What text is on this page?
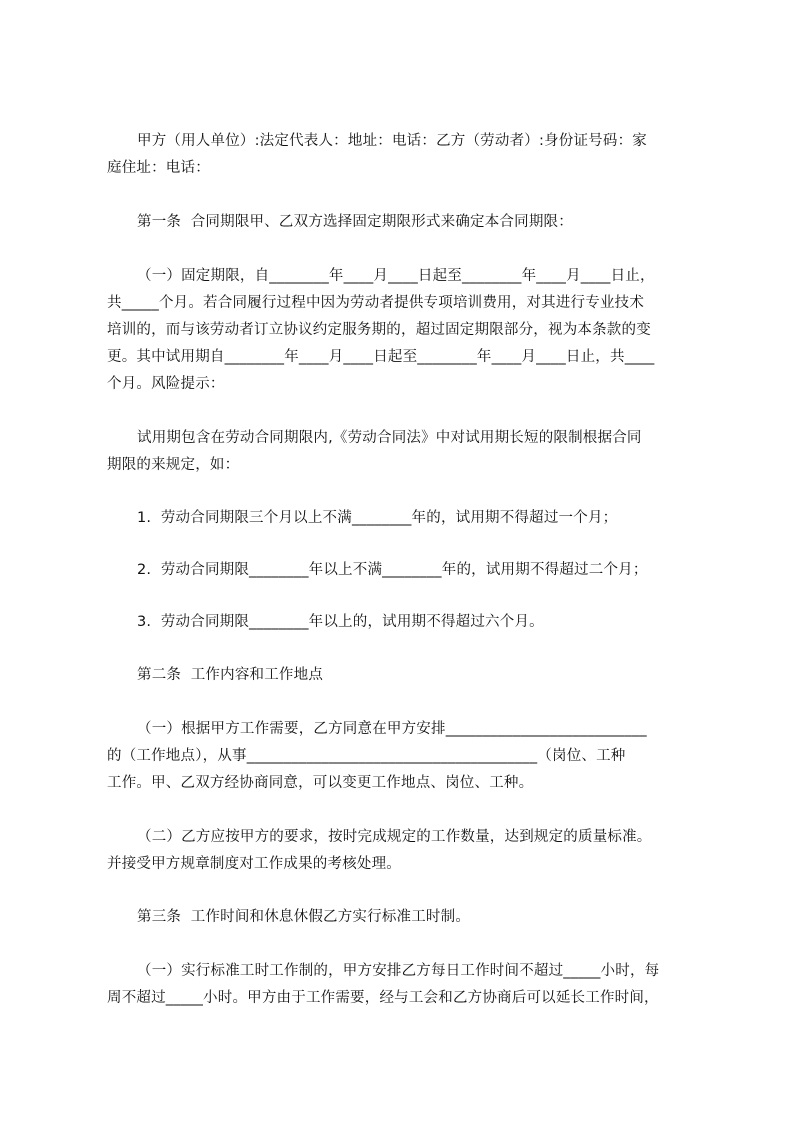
甲方（用人单位）:法定代表人：地址：电话：乙方（劳动者）:身份证号码：家
庭住址：电话：
第一条  合同期限甲、乙双方选择固定期限形式来确定本合同期限：
（一）固定期限，自________年____月____日起至________年____月____日止，
共_____个月。若合同履行过程中因为劳动者提供专项培训费用，对其进行专业技术
培训的，而与该劳动者订立协议约定服务期的，超过固定期限部分，视为本条款的变
更。其中试用期自________年____月____日起至________年____月____日止，共____
个月。风险提示：
试用期包含在劳动合同期限内,《劳动合同法》中对试用期长短的限制根据合同
期限的来规定，如：
1.  劳动合同期限三个月以上不满________年的，试用期不得超过一个月；
2.  劳动合同期限________年以上不满________年的，试用期不得超过二个月；
3.  劳动合同期限________年以上的，试用期不得超过六个月。
第二条  工作内容和工作地点
（一）根据甲方工作需要，乙方同意在甲方安排___________________________
的（工作地点），从事_______________________________________（岗位、工种
工作。甲、乙双方经协商同意，可以变更工作地点、岗位、工种。
（二）乙方应按甲方的要求，按时完成规定的工作数量，达到规定的质量标准。
并接受甲方规章制度对工作成果的考核处理。
第三条  工作时间和休息休假乙方实行标准工时制。
（一）实行标准工时工作制的，甲方安排乙方每日工作时间不超过_____小时，每
周不超过_____小时。甲方由于工作需要，经与工会和乙方协商后可以延长工作时间，
